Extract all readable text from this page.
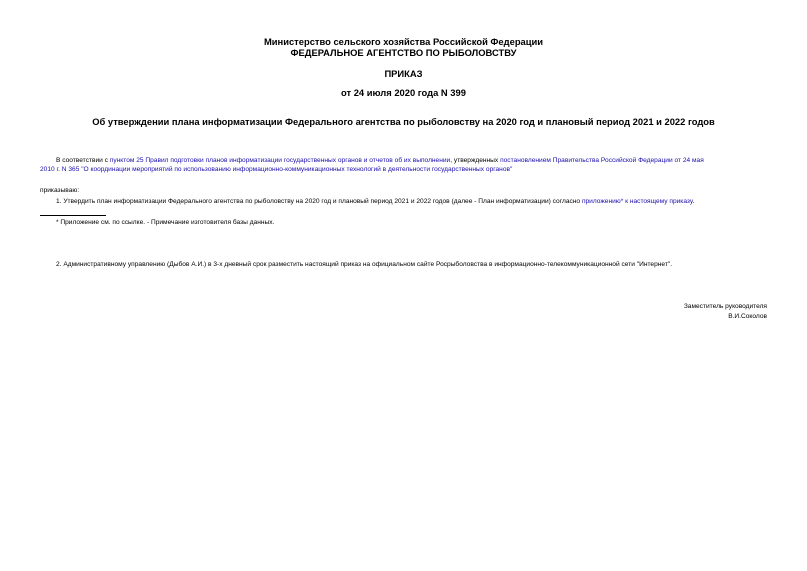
Министерство сельского хозяйства Российской Федерации
ФЕДЕРАЛЬНОЕ АГЕНТСТВО ПО РЫБОЛОВСТВУ
ПРИКАЗ
от 24 июля 2020 года N 399
Об утверждении плана информатизации Федерального агентства по рыболовству на 2020 год и плановый период 2021 и 2022 годов
В соответствии с пунктом 25 Правил подготовки планов информатизации государственных органов и отчетов об их выполнении, утвержденных постановлением Правительства Российской Федерации от 24 мая
2010 г. N 365 "О координации мероприятий по использованию информационно-коммуникационных технологий в деятельности государственных органов"
приказываю:
1. Утвердить план информатизации Федерального агентства по рыболовству на 2020 год и плановый период 2021 и 2022 годов (далее - План информатизации) согласно приложению* к настоящему приказу.
* Приложение см. по ссылке. - Примечание изготовителя базы данных.
2. Административному управлению (Дыбов А.И.) в 3-х дневный срок разместить настоящий приказ на официальном сайте Росрыболовства в информационно-телекоммуникационной сети "Интернет".
Заместитель руководителя
В.И.Соколов
